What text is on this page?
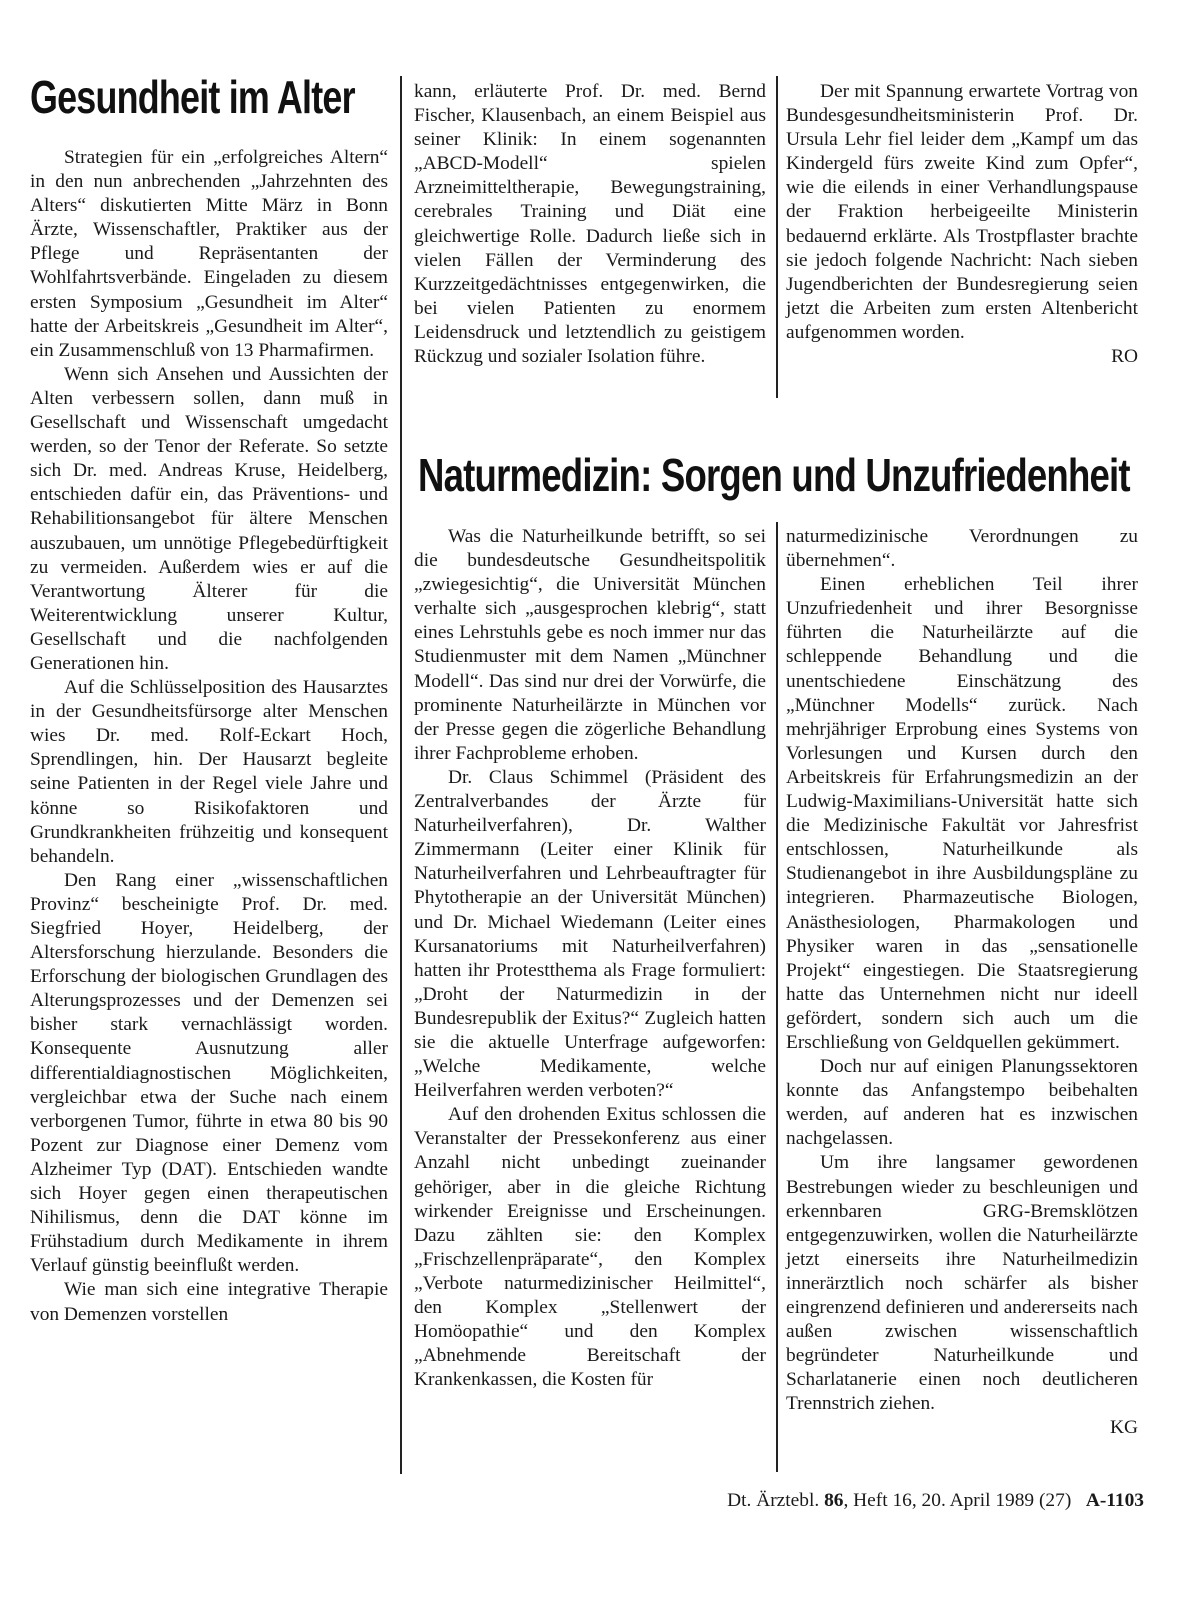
Gesundheit im Alter
Naturmedizin: Sorgen und Unzufriedenheit

Strategien für ein „erfolgreiches Altern“ in den nun anbrechenden „Jahrzehnten des Alters“ diskutierten Mitte März in Bonn Ärzte, Wissenschaftler, Praktiker aus der Pflege und Repräsentanten der Wohlfahrtsverbände. Eingeladen zu diesem ersten Symposium „Gesundheit im Alter“ hatte der Arbeitskreis „Gesundheit im Alter“, ein Zusammenschluß von 13 Pharmafirmen.

Wenn sich Ansehen und Aussichten der Alten verbessern sollen, dann muß in Gesellschaft und Wissenschaft umgedacht werden, so der Tenor der Referate. So setzte sich Dr. med. Andreas Kruse, Heidelberg, entschieden dafür ein, das Präventions- und Rehabilitionsangebot für ältere Menschen auszubauen, um unnötige Pflegebedürftigkeit zu vermeiden. Außerdem wies er auf die Verantwortung Älterer für die Weiterentwicklung unserer Kultur, Gesellschaft und die nachfolgenden Generationen hin.

Auf die Schlüsselposition des Hausarztes in der Gesundheitsfürsorge alter Menschen wies Dr. med. Rolf-Eckart Hoch, Sprendlingen, hin. Der Hausarzt begleite seine Patienten in der Regel viele Jahre und könne so Risikofaktoren und Grundkrankheiten frühzeitig und konsequent behandeln.

Den Rang einer „wissenschaftlichen Provinz“ bescheinigte Prof. Dr. med. Siegfried Hoyer, Heidelberg, der Altersforschung hierzulande. Besonders die Erforschung der biologischen Grundlagen des Alterungsprozesses und der Demenzen sei bisher stark vernachlässigt worden. Konsequente Ausnutzung aller differentialdiagnostischen Möglichkeiten, vergleichbar etwa der Suche nach einem verborgenen Tumor, führte in etwa 80 bis 90 Pozent zur Diagnose einer Demenz vom Alzheimer Typ (DAT). Entschieden wandte sich Hoyer gegen einen therapeutischen Nihilismus, denn die DAT könne im Frühstadium durch Medikamente in ihrem Verlauf günstig beeinflußt werden.

Wie man sich eine integrative Therapie von Demenzen vorstellen

kann, erläuterte Prof. Dr. med. Bernd Fischer, Klausenbach, an einem Beispiel aus seiner Klinik: In einem sogenannten „ABCD-Modell“ spielen Arzneimitteltherapie, Bewegungstraining, cerebrales Training und Diät eine gleichwertige Rolle. Dadurch ließe sich in vielen Fällen der Verminderung des Kurzzeitgedächtnisses entgegenwirken, die bei vielen Patienten zu enormem Leidensdruck und letztendlich zu geistigem Rückzug und sozialer Isolation führe.

Der mit Spannung erwartete Vortrag von Bundesgesundheitsministerin Prof. Dr. Ursula Lehr fiel leider dem „Kampf um das Kindergeld fürs zweite Kind zum Opfer“, wie die eilends in einer Verhandlungspause der Fraktion herbeigeeilte Ministerin bedauernd erklärte. Als Trostpflaster brachte sie jedoch folgende Nachricht: Nach sieben Jugendberichten der Bundesregierung seien jetzt die Arbeiten zum ersten Altenbericht aufgenommen worden.

RO

Was die Naturheilkunde betrifft, so sei die bundesdeutsche Gesundheitspolitik „zwiegesichtig“, die Universität München verhalte sich „ausgesprochen klebrig“, statt eines Lehrstuhls gebe es noch immer nur das Studienmuster mit dem Namen „Münchner Modell“. Das sind nur drei der Vorwürfe, die prominente Naturheilärzte in München vor der Presse gegen die zögerliche Behandlung ihrer Fachprobleme erhoben.

Dr. Claus Schimmel (Präsident des Zentralverbandes der Ärzte für Naturheilverfahren), Dr. Walther Zimmermann (Leiter einer Klinik für Naturheilverfahren und Lehrbeauftragter für Phytotherapie an der Universität München) und Dr. Michael Wiedemann (Leiter eines Kursanatoriums mit Naturheilverfahren) hatten ihr Protestthema als Frage formuliert: „Droht der Naturmedizin in der Bundesrepublik der Exitus?“ Zugleich hatten sie die aktuelle Unterfrage aufgeworfen: „Welche Medikamente, welche Heilverfahren werden verboten?“

Auf den drohenden Exitus schlossen die Veranstalter der Pressekonferenz aus einer Anzahl nicht unbedingt zueinander gehöriger, aber in die gleiche Richtung wirkender Ereignisse und Erscheinungen. Dazu zählten sie: den Komplex „Frischzellenpräparate“, den Komplex „Verbote naturmedizinischer Heilmittel“, den Komplex „Stellenwert der Homöopathie“ und den Komplex „Abnehmende Bereitschaft der Krankenkassen, die Kosten für

naturmedizinische Verordnungen zu übernehmen“.

Einen erheblichen Teil ihrer Unzufriedenheit und ihrer Besorgnisse führten die Naturheilärzte auf die schleppende Behandlung und die unentschiedene Einschätzung des „Münchner Modells“ zurück. Nach mehrjähriger Erprobung eines Systems von Vorlesungen und Kursen durch den Arbeitskreis für Erfahrungsmedizin an der Ludwig-Maximilians-Universität hatte sich die Medizinische Fakultät vor Jahresfrist entschlossen, Naturheilkunde als Studienangebot in ihre Ausbildungspläne zu integrieren. Pharmazeutische Biologen, Anästhesiologen, Pharmakologen und Physiker waren in das „sensationelle Projekt“ eingestiegen. Die Staatsregierung hatte das Unternehmen nicht nur ideell gefördert, sondern sich auch um die Erschließung von Geldquellen gekümmert.

Doch nur auf einigen Planungssektoren konnte das Anfangstempo beibehalten werden, auf anderen hat es inzwischen nachgelassen.

Um ihre langsamer gewordenen Bestrebungen wieder zu beschleunigen und erkennbaren GRG-Bremsklötzen entgegenzuwirken, wollen die Naturheilärzte jetzt einerseits ihre Naturheilmedizin innerärztlich noch schärfer als bisher eingrenzend definieren und andererseits nach außen zwischen wissenschaftlich begründeter Naturheilkunde und Scharlatanerie einen noch deutlicheren Trennstrich ziehen.

KG

Dt. Ärztebl. 86, Heft 16, 20. April 1989 (27) A-1103
